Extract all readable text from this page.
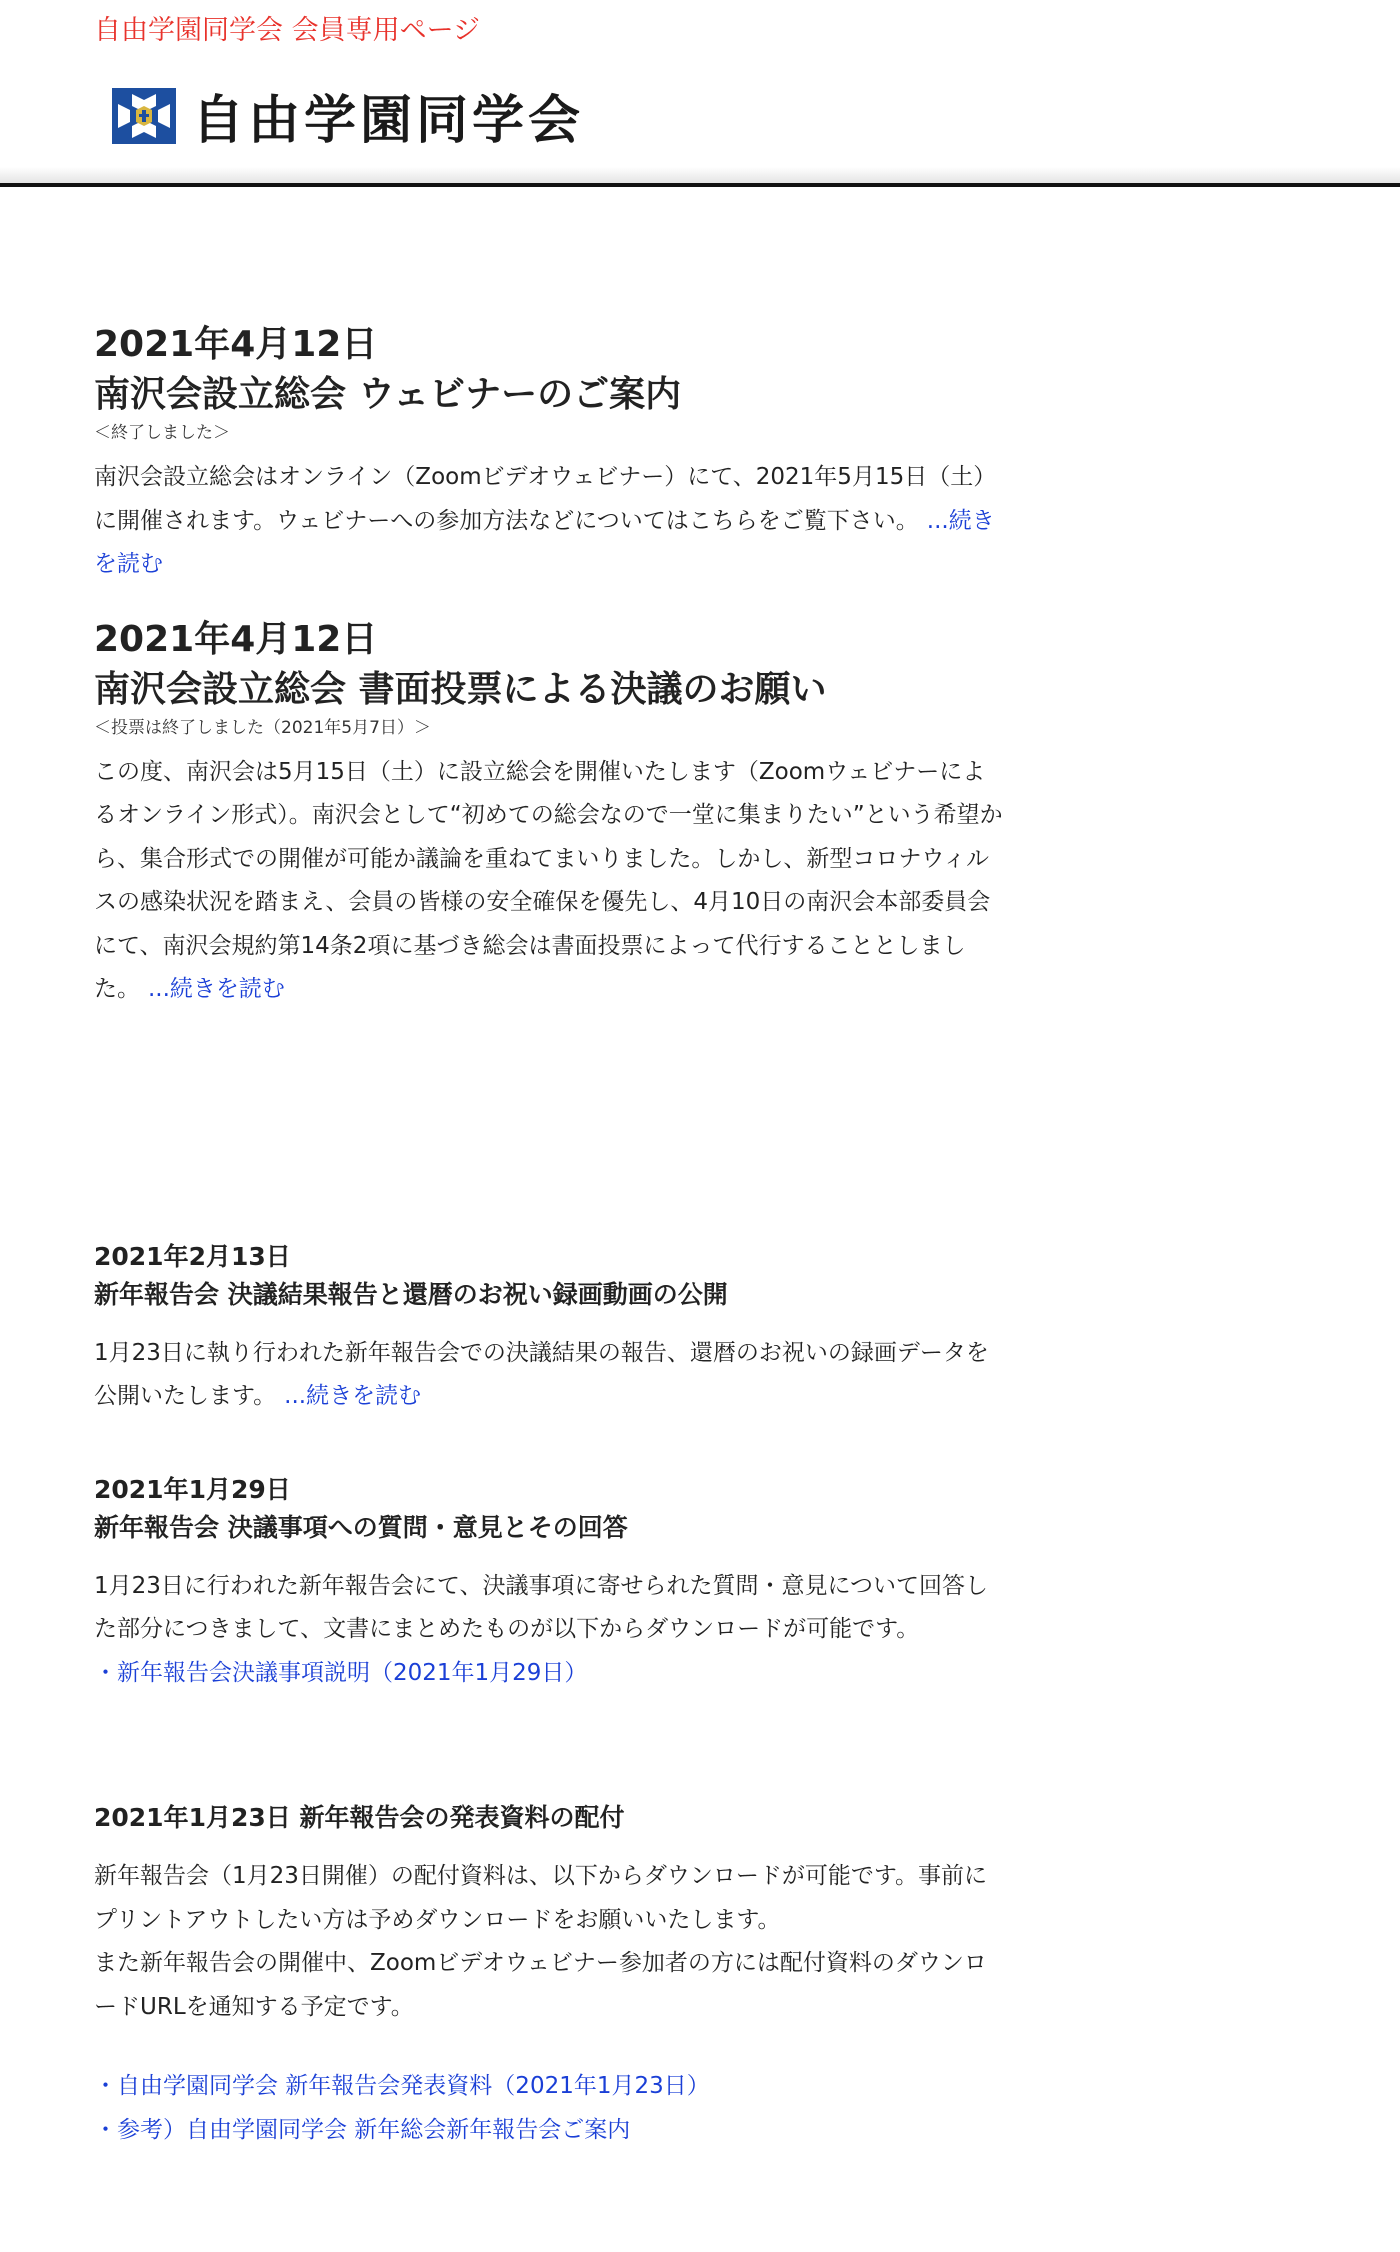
自由学園同学会 会員専用ページ
自由学園同学会
2021年4月12日
南沢会設立総会 ウェビナーのご案内
＜終了しました＞

南沢会設立総会はオンライン（Zoomビデオウェビナー）にて、2021年5月15日（土）に開催されます。ウェビナーへの参加方法などについてはこちらをご覧下さい。 ...続きを読む

2021年4月12日
南沢会設立総会 書面投票による決議のお願い
＜投票は終了しました（2021年5月7日）＞

この度、南沢会は5月15日（土）に設立総会を開催いたします（Zoomウェビナーによるオンライン形式）。南沢会として“初めての総会なので一堂に集まりたい”という希望から、集合形式での開催が可能か議論を重ねてまいりました。しかし、新型コロナウィルスの感染状況を踏まえ、会員の皆様の安全確保を優先し、4月10日の南沢会本部委員会にて、南沢会規約第14条2項に基づき総会は書面投票によって代行することとしました。 ...続きを読む

2021年2月13日
新年報告会 決議結果報告と還暦のお祝い録画動画の公開

1月23日に執り行われた新年報告会での決議結果の報告、還暦のお祝いの録画データを公開いたします。 ...続きを読む

2021年1月29日
新年報告会 決議事項への質問・意見とその回答

1月23日に行われた新年報告会にて、決議事項に寄せられた質問・意見について回答した部分につきまして、文書にまとめたものが以下からダウンロードが可能です。

・新年報告会決議事項説明（2021年1月29日）
2021年1月23日 新年報告会の発表資料の配付

新年報告会（1月23日開催）の配付資料は、以下からダウンロードが可能です。事前にプリントアウトしたい方は予めダウンロードをお願いいたします。
また新年報告会の開催中、Zoomビデオウェビナー参加者の方には配付資料のダウンロードURLを通知する予定です。

・自由学園同学会 新年報告会発表資料（2021年1月23日）
・参考）自由学園同学会 新年総会新年報告会ご案内
